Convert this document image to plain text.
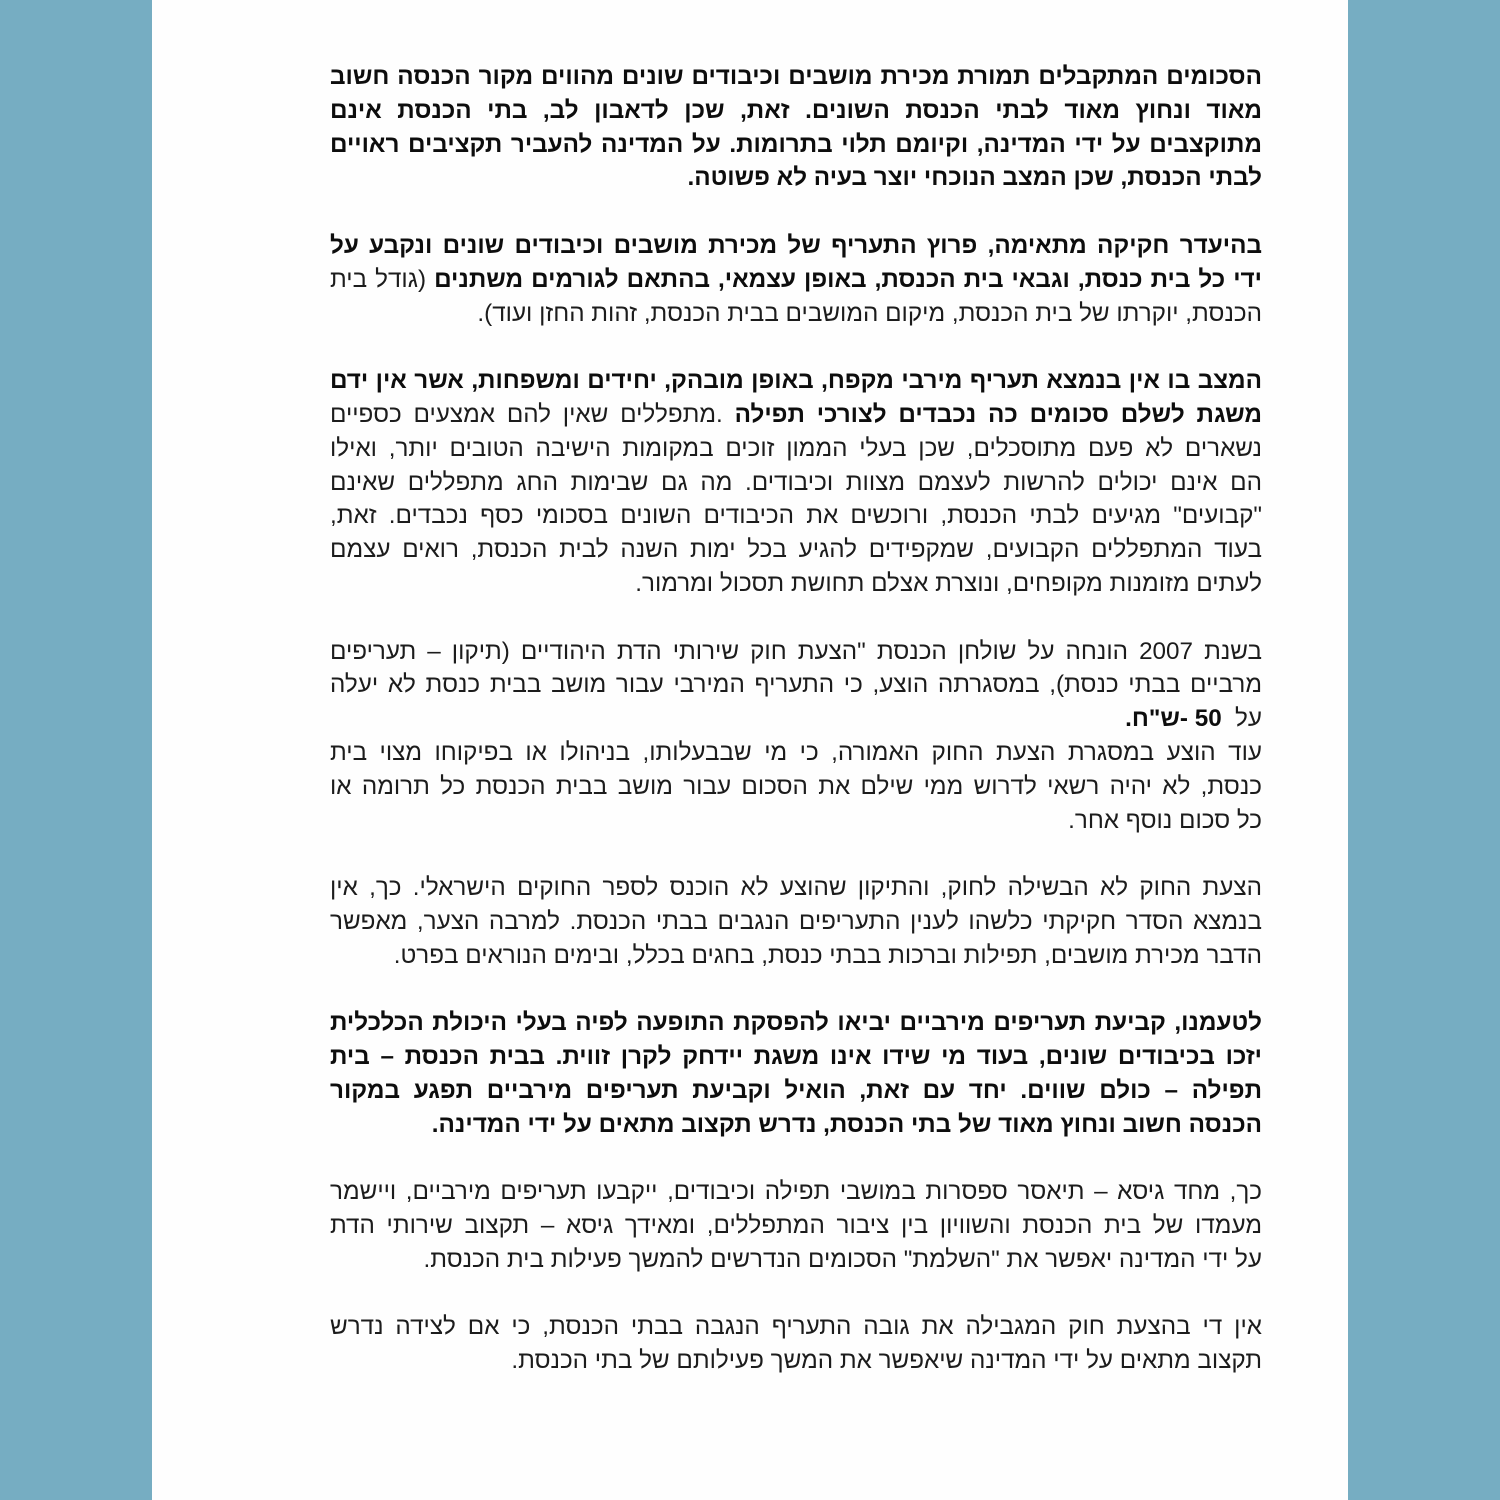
הסכומים המתקבלים תמורת מכירת מושבים וכיבודים שונים מהווים מקור הכנסה חשוב
מאוד ונחוץ מאוד לבתי הכנסת השונים. זאת, שכן לדאבון לב, בתי הכנסת אינם
מתוקצבים על ידי המדינה, וקיומם תלוי בתרומות. על המדינה להעביר תקציבים ראויים
לבתי הכנסת, שכן המצב הנוכחי יוצר בעיה לא פשוטה.
בהיעדר חקיקה מתאימה, פרוץ התעריף של מכירת מושבים וכיבודים שונים ונקבע על
ידי כל בית כנסת, וגבאי בית הכנסת, באופן עצמאי, בהתאם לגורמים משתנים (גודל בית
הכנסת, יוקרתו של בית הכנסת, מיקום המושבים בבית הכנסת, זהות החזן ועוד).
המצב בו אין בנמצא תעריף מירבי מקפח, באופן מובהק, יחידים ומשפחות, אשר אין ידם
משגת לשלם סכומים כה נכבדים לצורכי תפילה .מתפללים שאין להם אמצעים כספיים
נשארים לא פעם מתוסכלים, שכן בעלי הממון זוכים במקומות הישיבה הטובים יותר, ואילו
הם אינם יכולים להרשות לעצמם מצוות וכיבודים. מה גם שבימות החג מתפללים שאינם
"קבועים" מגיעים לבתי הכנסת, ורוכשים את הכיבודים השונים בסכומי כסף נכבדים. זאת,
בעוד המתפללים הקבועים, שמקפידים להגיע בכל ימות השנה לבית הכנסת, רואים עצמם
לעתים מזומנות מקופחים, ונוצרת אצלם תחושת תסכול ומרמור.
בשנת 2007 הונחה על שולחן הכנסת "הצעת חוק שירותי הדת היהודיים (תיקון – תעריפים
מרביים בבתי כנסת), במסגרתה הוצע, כי התעריף המירבי עבור מושב בבית כנסת לא יעלה
על50 -ש"ח.
עוד הוצע במסגרת הצעת החוק האמורה, כי מי שבבעלותו, בניהולו או בפיקוחו מצוי בית
כנסת, לא יהיה רשאי לדרוש ממי שילם את הסכום עבור מושב בבית הכנסת כל תרומה או
כל סכום נוסף אחר.
הצעת החוק לא הבשילה לחוק, והתיקון שהוצע לא הוכנס לספר החוקים הישראלי. כך, אין
בנמצא הסדר חקיקתי כלשהו לענין התעריפים הנגבים בבתי הכנסת. למרבה הצער, מאפשר
הדבר מכירת מושבים, תפילות וברכות בבתי כנסת, בחגים בכלל, ובימים הנוראים בפרט.
לטעמנו, קביעת תעריפים מירביים יביאו להפסקת התופעה לפיה בעלי היכולת הכלכלית
יזכו בכיבודים שונים, בעוד מי שידו אינו משגת יידחק לקרן זווית. בבית הכנסת – בית
תפילה – כולם שווים. יחד עם זאת, הואיל וקביעת תעריפים מירביים תפגע במקור
הכנסה חשוב ונחוץ מאוד של בתי הכנסת, נדרש תקצוב מתאים על ידי המדינה.
כך, מחד גיסא – תיאסר ספסרות במושבי תפילה וכיבודים, ייקבעו תעריפים מירביים, ויישמר
מעמדו של בית הכנסת והשוויון בין ציבור המתפללים, ומאידך גיסא – תקצוב שירותי הדת
על ידי המדינה יאפשר את "השלמת" הסכומים הנדרשים להמשך פעילות בית הכנסת.
אין די בהצעת חוק המגבילה את גובה התעריף הנגבה בבתי הכנסת, כי אם לצידה נדרש
תקצוב מתאים על ידי המדינה שיאפשר את המשך פעילותם של בתי הכנסת.
